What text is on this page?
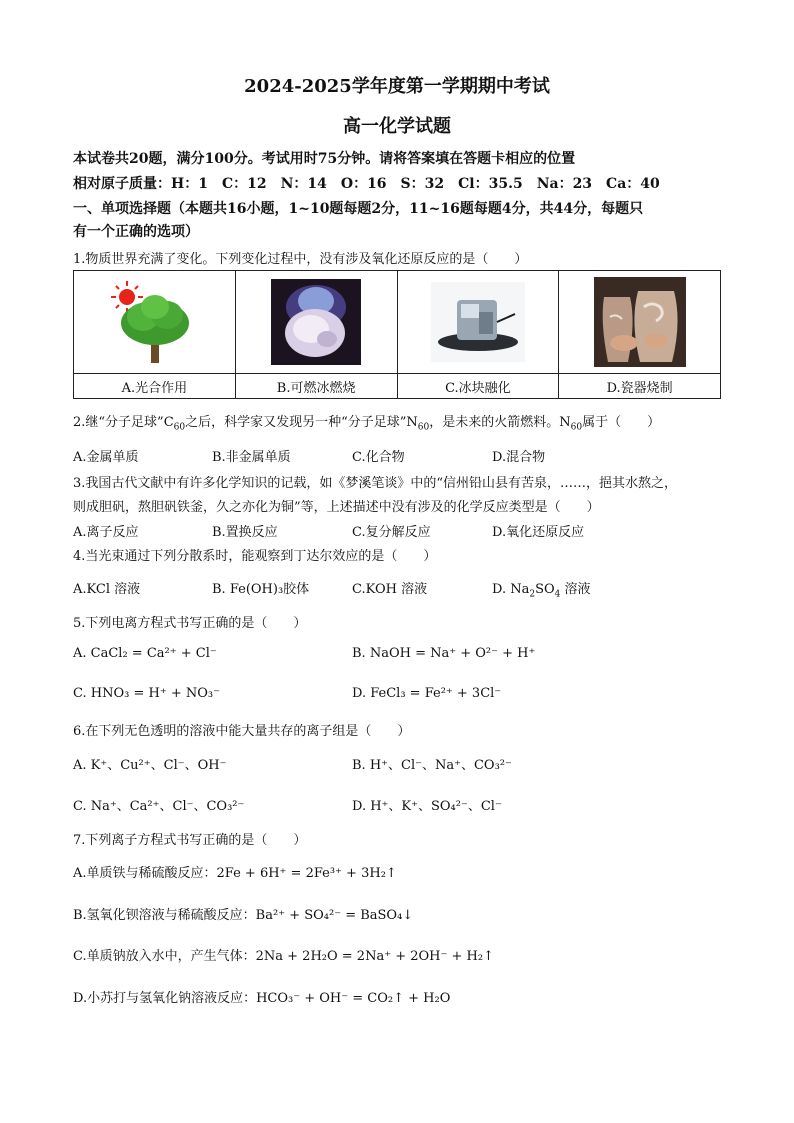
2024-2025学年度第一学期期中考试
高一化学试题
本试卷共20题，满分100分。考试用时75分钟。请将答案填在答题卡相应的位置
相对原子质量：H：1　C：12　N：14　O：16　S：32　Cl：35.5　Na：23　Ca：40
一、单项选择题（本题共16小题，1~10题每题2分，11~16题每题4分，共44分，每题只
有一个正确的选项）
1.物质世界充满了变化。下列变化过程中，没有涉及氧化还原反应的是（　　）

A.光合作用	B.可燃冰燃烧	C.冰块融化	D.瓷器烧制
2.继“分子足球$”C_{60}$之后，科学家又发现另一种“分子足球$”N_{60}$，是未来的火箭燃料。$N_{60}$属于（　　）
A.金属单质	B.非金属单质	C.化合物	D.混合物
3.我国古代文献中有许多化学知识的记载，如《梦溪笔谈》中的“信州铅山县有苦泉，……，挹其水熬之，
则成胆矾，熬胆矾铁釜，久之亦化为铜”等，上述描述中没有涉及的化学反应类型是（　　）
A.离子反应	B.置换反应	C.复分解反应	D.氧化还原反应
4.当光束通过下列分散系时，能观察到丁达尔效应的是（　　）
A.KCl 溶液	B. Fe(OH)₃胶体	C.KOH 溶液	D. $Na_2SO_4$ 溶液
5.下列电离方程式书写正确的是（　　）
A. CaCl₂ = Ca²⁺ + Cl⁻	B. NaOH = Na⁺ + O²⁻ + H⁺
C. HNO₃ = H⁺ + NO₃⁻	D. FeCl₃ = Fe²⁺ + 3Cl⁻
6.在下列无色透明的溶液中能大量共存的离子组是（　　）
A. K⁺、Cu²⁺、Cl⁻、OH⁻	B. H⁺、Cl⁻、Na⁺、CO₃²⁻
C. Na⁺、Ca²⁺、Cl⁻、CO₃²⁻	D. H⁺、K⁺、SO₄²⁻、Cl⁻
7.下列离子方程式书写正确的是（　　）
A.单质铁与稀硫酸反应：2Fe + 6H⁺ = 2Fe³⁺ + 3H₂↑
B.氢氧化钡溶液与稀硫酸反应：Ba²⁺ + SO₄²⁻ = BaSO₄↓
C.单质钠放入水中，产生气体：2Na + 2H₂O = 2Na⁺ + 2OH⁻ + H₂↑
D.小苏打与氢氧化钠溶液反应：HCO₃⁻ + OH⁻ = CO₂↑ + H₂O
